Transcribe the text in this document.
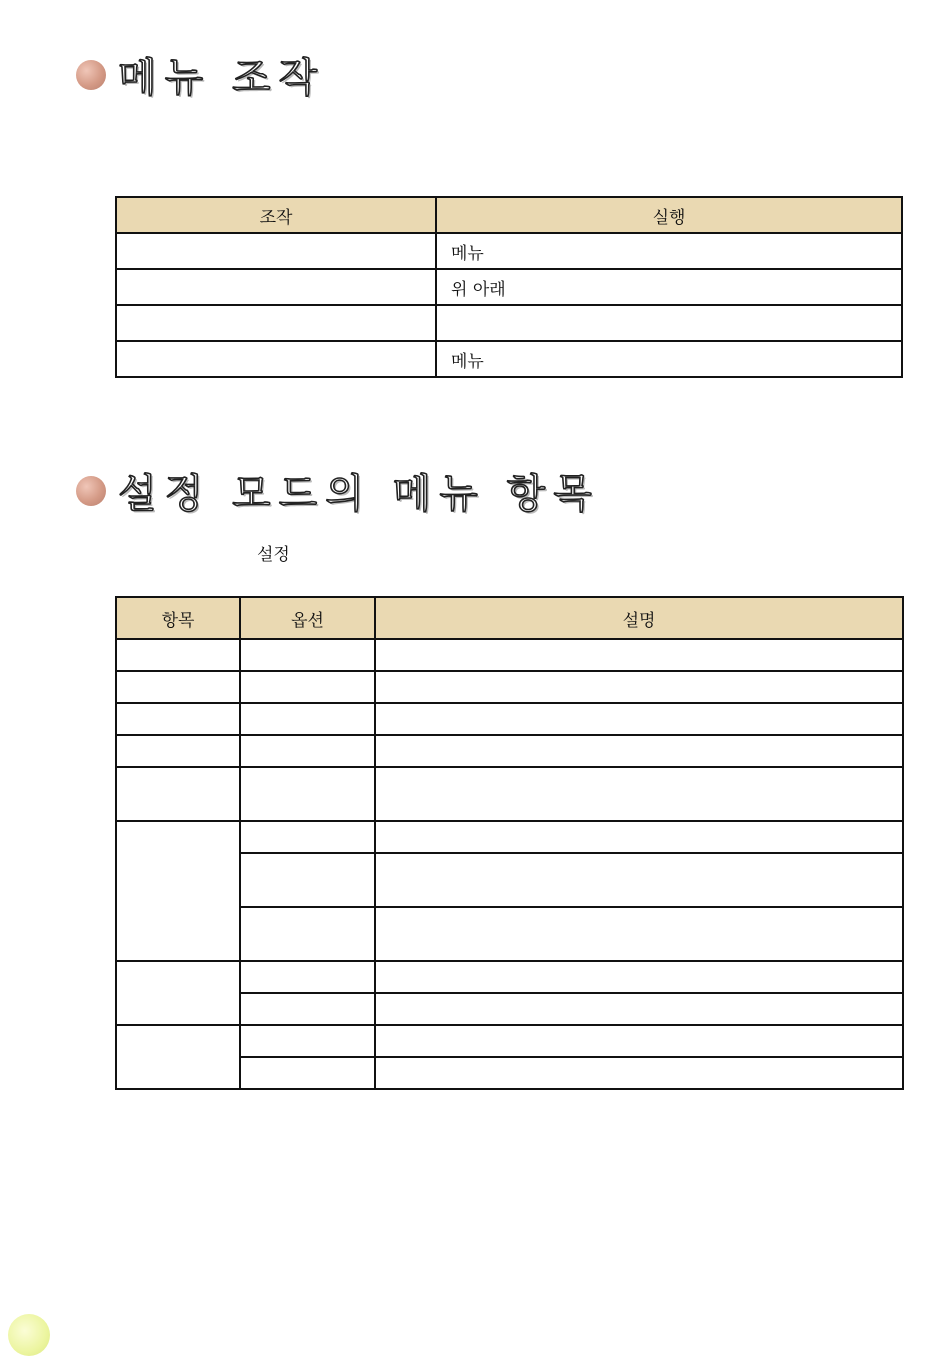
메뉴 조작
조작	실행
	메뉴
	위 아래

	메뉴
설정 모드의 메뉴 항목
설정
항목	옵션	설명
